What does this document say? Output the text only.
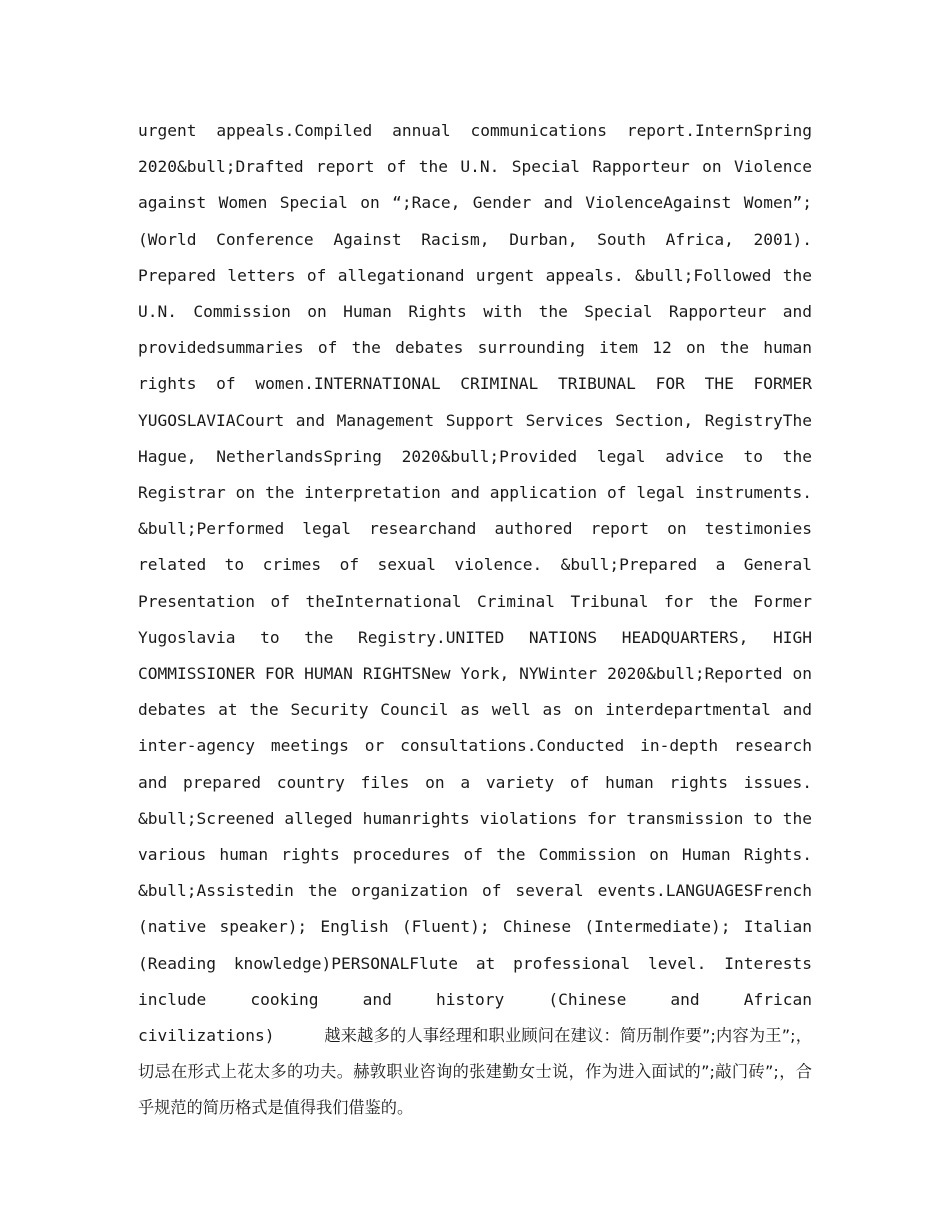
urgent appeals.Compiled annual communications report.InternSpring 2020&bull;Drafted report of the U.N. Special Rapporteur on Violence against Women Special on “;Race, Gender and ViolenceAgainst Women”; (World Conference Against Racism, Durban, South Africa, 2001). Prepared letters of allegationand urgent appeals. &bull;Followed the U.N. Commission on Human Rights with the Special Rapporteur and providedsummaries of the debates surrounding item 12 on the human rights of women.INTERNATIONAL CRIMINAL TRIBUNAL FOR THE FORMER YUGOSLAVIACourt and Management Support Services Section, RegistryThe Hague, NetherlandsSpring 2020&bull;Provided legal advice to the Registrar on the interpretation and application of legal instruments. &bull;Performed legal researchand authored report on testimonies related to crimes of sexual violence. &bull;Prepared a General Presentation of theInternational Criminal Tribunal for the Former Yugoslavia to the Registry.UNITED NATIONS HEADQUARTERS, HIGH COMMISSIONER FOR HUMAN RIGHTSNew York, NYWinter 2020&bull;Reported on debates at the Security Council as well as on interdepartmental and inter-agency meetings or consultations.Conducted in-depth research and prepared country files on a variety of human rights issues. &bull;Screened alleged humanrights violations for transmission to the various human rights procedures of the Commission on Human Rights. &bull;Assistedin the organization of several events.LANGUAGESFrench (native speaker); English (Fluent); Chinese (Intermediate); Italian (Reading knowledge)PERSONALFlute at professional level. Interests include cooking and history (Chinese and African civilizations)	越来越多的人事经理和职业顾问在建议：简历制作要”;内容为王”;，切忌在形式上花太多的功夫。赫敦职业咨询的张建勤女士说，作为进入面试的”;敲门砖”;，合乎规范的简历格式是值得我们借鉴的。
